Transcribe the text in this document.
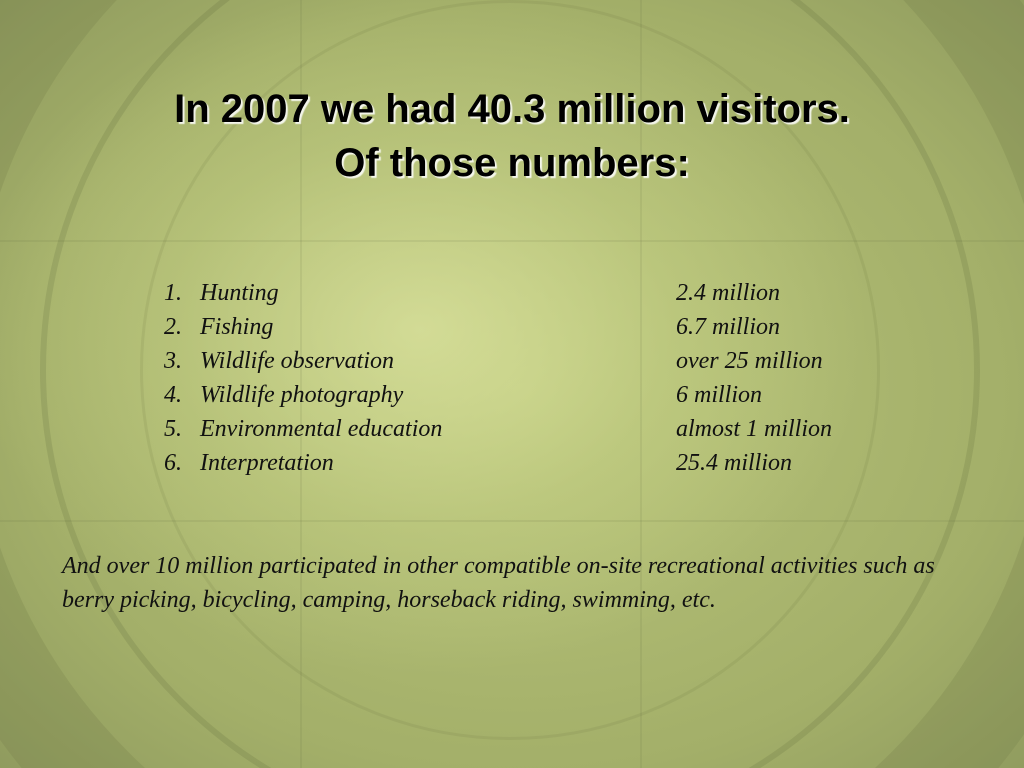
In 2007 we had 40.3 million visitors.
Of those numbers:
1. Hunting	2.4 million
2. Fishing	6.7 million
3. Wildlife observation	over 25 million
4. Wildlife photography	6 million
5. Environmental education	almost 1 million
6. Interpretation	25.4 million

And over 10 million participated in other compatible on-site recreational activities such as berry picking, bicycling, camping, horseback riding, swimming, etc.
